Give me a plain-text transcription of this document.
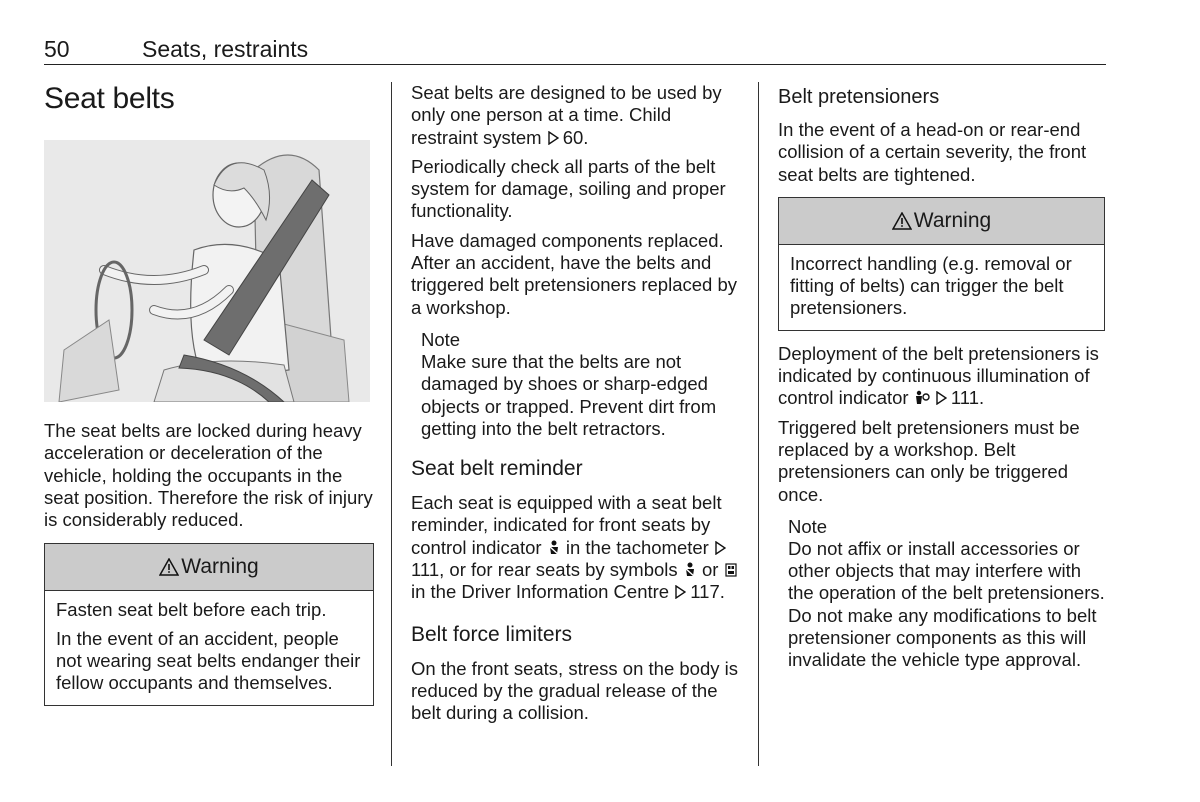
50	Seats, restraints
Seat belts

The seat belts are locked during heavy acceleration or deceleration of the vehicle, holding the occupants in the seat position. Therefore the risk of injury is considerably reduced.

Warning

Fasten seat belt before each trip.

In the event of an accident, people not wearing seat belts endanger their fellow occupants and themselves.

Seat belts are designed to be used by only one person at a time. Child restraint system 60.

Periodically check all parts of the belt system for damage, soiling and proper functionality.

Have damaged components replaced. After an accident, have the belts and triggered belt pretensioners replaced by a workshop.

Note

Make sure that the belts are not damaged by shoes or sharp-edged objects or trapped. Prevent dirt from getting into the belt retractors.

Seat belt reminder

Each seat is equipped with a seat belt reminder, indicated for front seats by control indicator in the tachometer 111, or for rear seats by symbols or  in the Driver Information Centre 117.

Belt force limiters

On the front seats, stress on the body is reduced by the gradual release of the belt during a collision.

Belt pretensioners

In the event of a head-on or rear-end collision of a certain severity, the front seat belts are tightened.

Warning

Incorrect handling (e.g. removal or fitting of belts) can trigger the belt pretensioners.

Deployment of the belt pretensioners is indicated by continuous illumination of control indicator 111.

Triggered belt pretensioners must be replaced by a workshop. Belt pretensioners can only be triggered once.

Note

Do not affix or install accessories or other objects that may interfere with the operation of the belt pretensioners. Do not make any modifications to belt pretensioner components as this will invalidate the vehicle type approval.
